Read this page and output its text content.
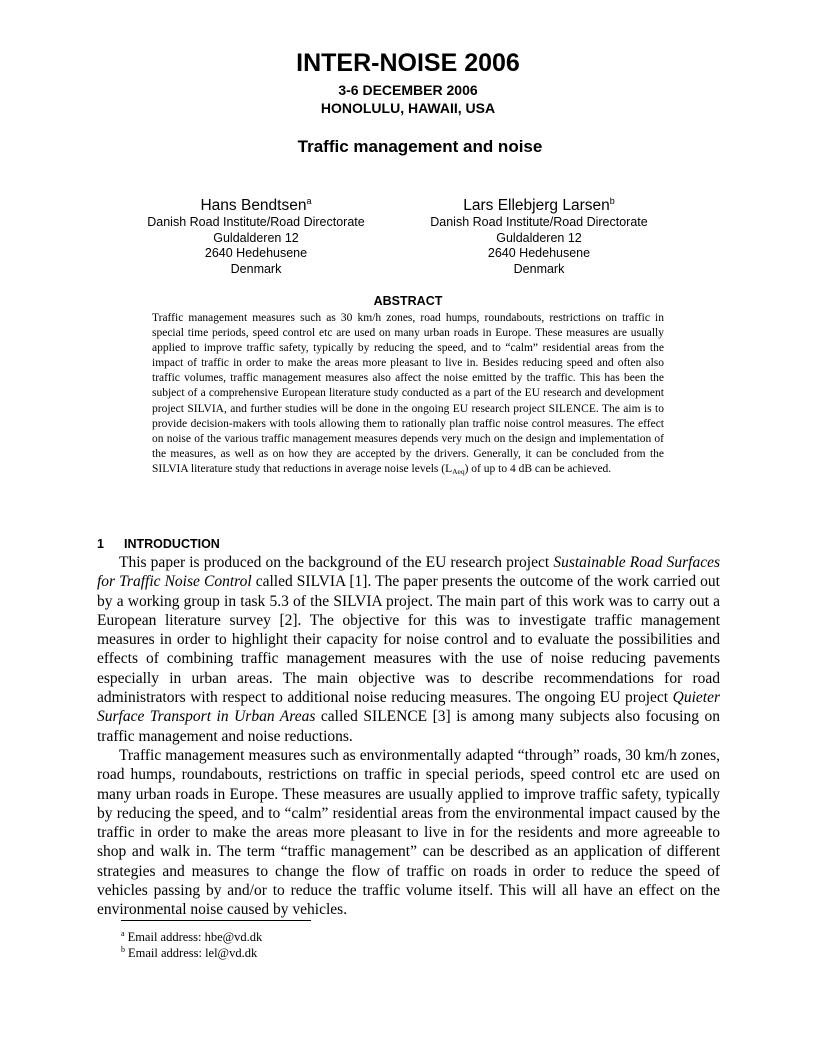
INTER-NOISE 2006
3-6 DECEMBER 2006
HONOLULU, HAWAII, USA
Traffic management and noise
Hans Bendtsen$^a$
Danish Road Institute/Road Directorate
Guldalderen 12
2640 Hedehusene
Denmark
Lars Ellebjerg Larsen$^b$
Danish Road Institute/Road Directorate
Guldalderen 12
2640 Hedehusene
Denmark
ABSTRACT

Traffic management measures such as 30 km/h zones, road humps, roundabouts, restrictions on traffic in special time periods, speed control etc are used on many urban roads in Europe. These measures are usually applied to improve traffic safety, typically by reducing the speed, and to “calm” residential areas from the impact of traffic in order to make the areas more pleasant to live in. Besides reducing speed and often also traffic volumes, traffic management measures also affect the noise emitted by the traffic. This has been the subject of a comprehensive European literature study conducted as a part of the EU research and development project SILVIA, and further studies will be done in the ongoing EU research project SILENCE. The aim is to provide decision-makers with tools allowing them to rationally plan traffic noise control measures. The effect on noise of the various traffic management measures depends very much on the design and implementation of the measures, as well as on how they are accepted by the drivers. Generally, it can be concluded from the SILVIA literature study that reductions in average noise levels $(L_{Aeq})$ of up to 4 dB can be achieved.

1 INTRODUCTION

This paper is produced on the background of the EU research project Sustainable Road Surfaces for Traffic Noise Control called SILVIA [1]. The paper presents the outcome of the work carried out by a working group in task 5.3 of the SILVIA project. The main part of this work was to carry out a European literature survey [2]. The objective for this was to investigate traffic management measures in order to highlight their capacity for noise control and to evaluate the possibilities and effects of combining traffic management measures with the use of noise reducing pavements especially in urban areas. The main objective was to describe recommendations for road administrators with respect to additional noise reducing measures. The ongoing EU project Quieter Surface Transport in Urban Areas called SILENCE [3] is among many subjects also focusing on traffic management and noise reductions.

Traffic management measures such as environmentally adapted “through” roads, 30 km/h zones, road humps, roundabouts, restrictions on traffic in special periods, speed control etc are used on many urban roads in Europe. These measures are usually applied to improve traffic safety, typically by reducing the speed, and to “calm” residential areas from the environmental impact caused by the traffic in order to make the areas more pleasant to live in for the residents and more agreeable to shop and walk in. The term “traffic management” can be described as an application of different strategies and measures to change the flow of traffic on roads in order to reduce the speed of vehicles passing by and/or to reduce the traffic volume itself. This will all have an effect on the environmental noise caused by vehicles.

$^a$ Email address: hbe@vd.dk
$^b$ Email address: lel@vd.dk
